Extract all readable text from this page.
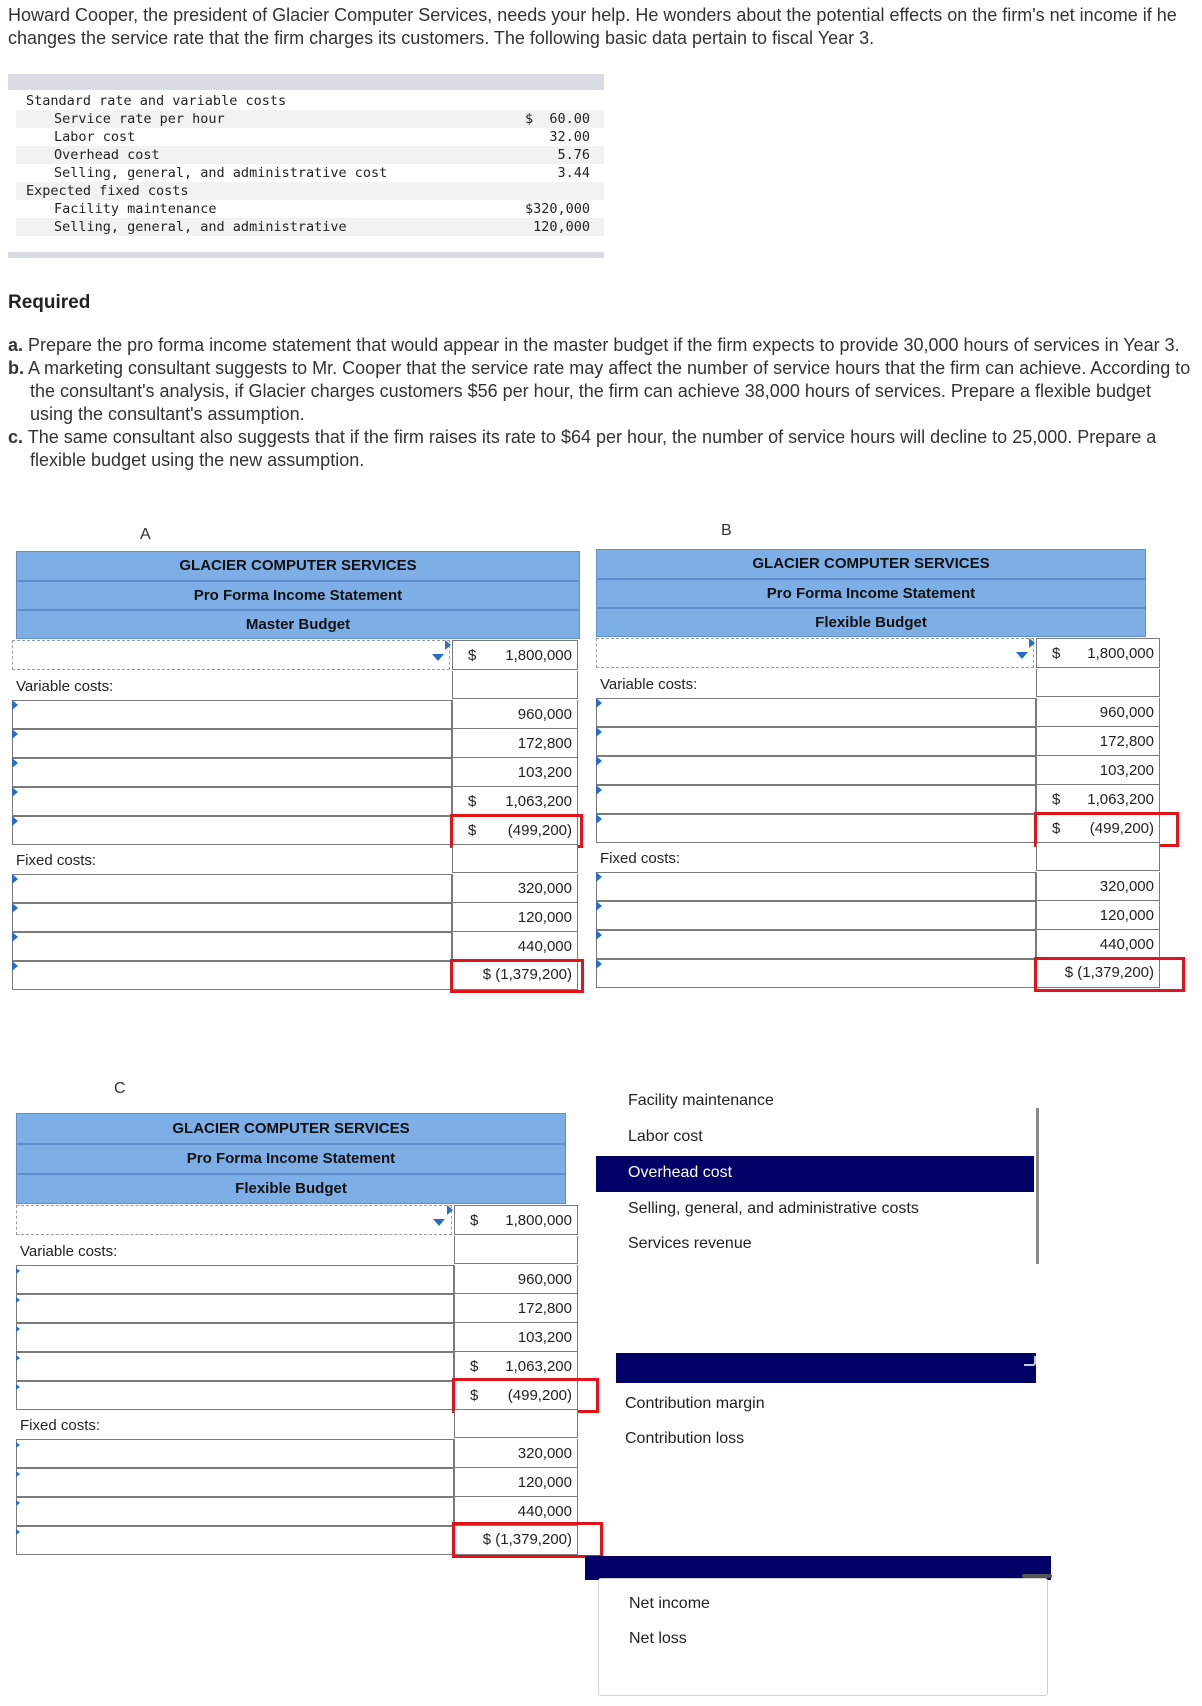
Howard Cooper, the president of Glacier Computer Services, needs your help. He wonders about the potential effects on the firm's net income if he changes the service rate that the firm charges its customers. The following basic data pertain to fiscal Year 3.
Standard rate and variable costs
Service rate per hour	$  60.00
Labor cost	32.00
Overhead cost	5.76
Selling, general, and administrative cost	3.44
Expected fixed costs
Facility maintenance	$320,000
Selling, general, and administrative	120,000
Required
a. Prepare the pro forma income statement that would appear in the master budget if the firm expects to provide 30,000 hours of services in Year 3.
b. A marketing consultant suggests to Mr. Cooper that the service rate may affect the number of service hours that the firm can achieve. According to the consultant's analysis, if Glacier charges customers $56 per hour, the firm can achieve 38,000 hours of services. Prepare a flexible budget using the consultant's assumption.
c. The same consultant also suggests that if the firm raises its rate to $64 per hour, the number of service hours will decline to 25,000. Prepare a flexible budget using the new assumption.
A	B
C
GLACIER COMPUTER SERVICES
Pro Forma Income Statement
Master Budget
$ 1,800,000
Variable costs:
960,000
172,800
103,200
$ 1,063,200
$ (499,200)
Fixed costs:
320,000
120,000
440,000
$ (1,379,200)
GLACIER COMPUTER SERVICES
Pro Forma Income Statement
Flexible Budget
$ 1,800,000
Variable costs:
960,000
172,800
103,200
$ 1,063,200
$ (499,200)
Fixed costs:
320,000
120,000
440,000
$ (1,379,200)
GLACIER COMPUTER SERVICES
Pro Forma Income Statement
Flexible Budget
$ 1,800,000
Variable costs:
960,000
172,800
103,200
$ 1,063,200
$ (499,200)
Fixed costs:
320,000
120,000
440,000
$ (1,379,200)
Facility maintenance
Labor cost
Overhead cost
Selling, general, and administrative costs
Services revenue
Contribution margin
Contribution loss
Net income
Net loss
